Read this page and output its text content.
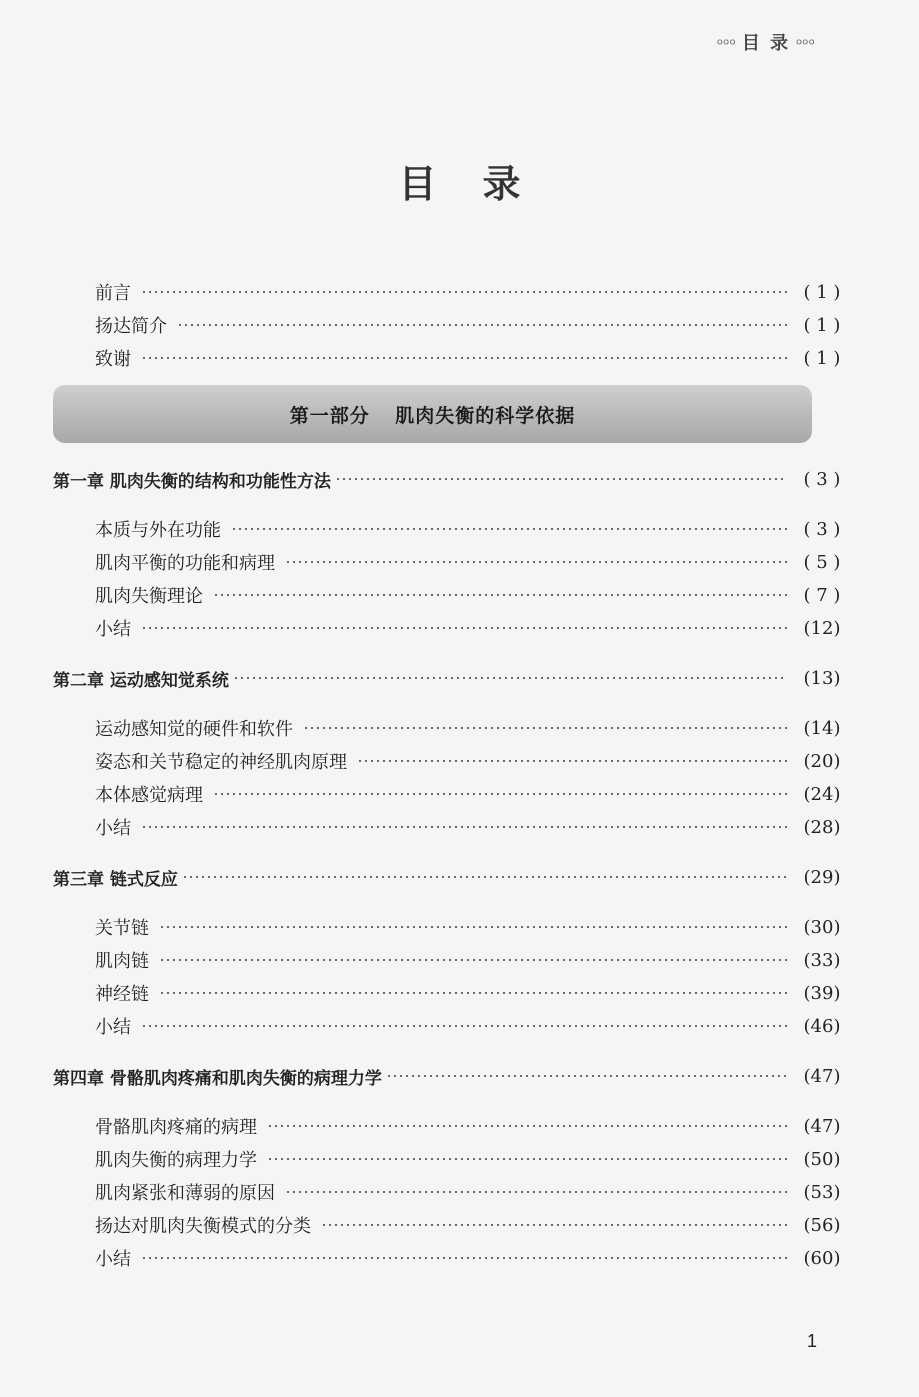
৹৹৹ 目 录 ৹৹৹
目录
前言	( 1 )
扬达简介	( 1 )
致谢	( 1 )
第一部分 肌肉失衡的科学依据
第一章 肌肉失衡的结构和功能性方法	( 3 )
本质与外在功能	( 3 )
肌肉平衡的功能和病理	( 5 )
肌肉失衡理论	( 7 )
小结	(12)
第二章 运动感知觉系统	(13)
运动感知觉的硬件和软件	(14)
姿态和关节稳定的神经肌肉原理	(20)
本体感觉病理	(24)
小结	(28)
第三章 链式反应	(29)
关节链	(30)
肌肉链	(33)
神经链	(39)
小结	(46)
第四章 骨骼肌肉疼痛和肌肉失衡的病理力学	(47)
骨骼肌肉疼痛的病理	(47)
肌肉失衡的病理力学	(50)
肌肉紧张和薄弱的原因	(53)
扬达对肌肉失衡模式的分类	(56)
小结	(60)
1
